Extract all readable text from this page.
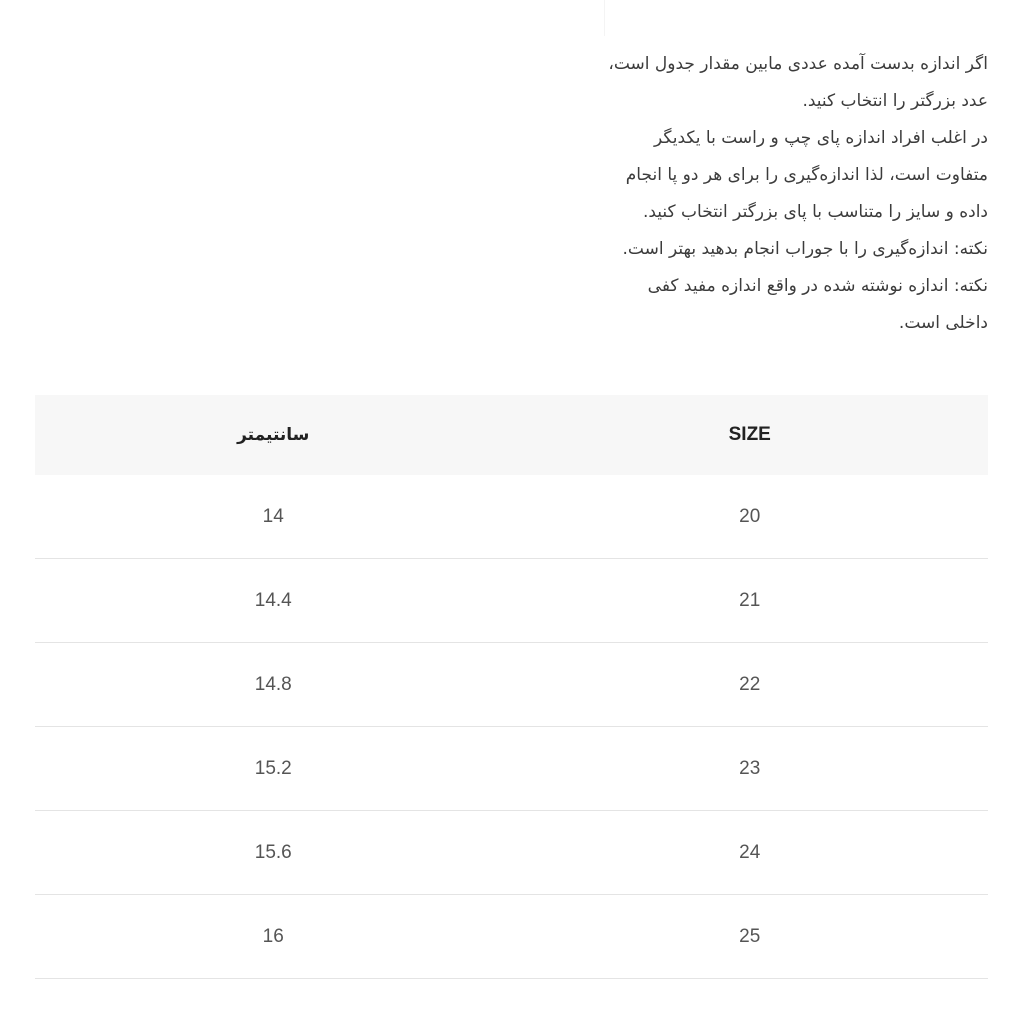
اگر اندازه بدست آمده عددی مابین مقدار جدول است،
عدد بزرگتر را انتخاب کنید.
در اغلب افراد اندازه پای چپ و راست با یکدیگر
متفاوت است، لذا اندازه‌گیری را برای هر دو پا انجام
داده و سایز را متناسب با پای بزرگتر انتخاب کنید.
نکته: اندازه‌گیری را با جوراب انجام بدهید بهتر است.
نکته: اندازه نوشته شده در واقع اندازه مفید کفی
داخلی است.
سانتیمتر	SIZE
14	20
14.4	21
14.8	22
15.2	23
15.6	24
16	25
